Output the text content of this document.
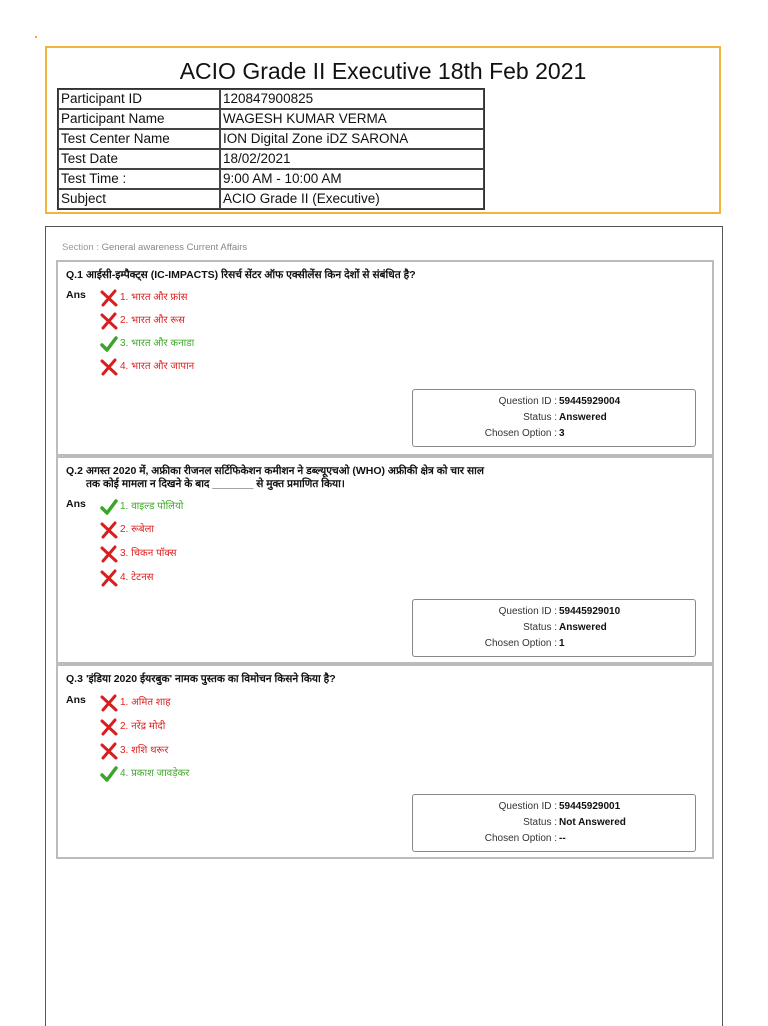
ACIO Grade II Executive 18th Feb 2021
Participant ID	120847900825
Participant Name	WAGESH KUMAR VERMA
Test Center Name	ION Digital Zone iDZ SARONA
Test Date	18/02/2021
Test Time :	9:00 AM - 10:00 AM
Subject	ACIO Grade II (Executive)
Section : General awareness Current Affairs
Q.1 आईसी-इम्पैक्ट्स (IC-IMPACTS) रिसर्च सेंटर ऑफ एक्सीलेंस किन देशों से संबंधित है?
Ans	1. भारत और फ्रांस
2. भारत और रूस
3. भारत और कनाडा
4. भारत और जापान
Question ID : 59445929004
Status : Answered
Chosen Option : 3
Q.2 अगस्त 2020 में, अफ्रीका रीजनल सर्टिफिकेशन कमीशन ने डब्ल्यूएचओ (WHO) अफ्रीकी क्षेत्र को चार साल
तक कोई मामला न दिखने के बाद _______ से मुक्त प्रमाणित किया।
Ans	1. वाइल्ड पोलियो
2. रूबेला
3. चिकन पॉक्स
4. टेटनस
Question ID : 59445929010
Status : Answered
Chosen Option : 1
Q.3 'इंडिया 2020 ईयरबुक' नामक पुस्तक का विमोचन किसने किया है?
Ans	1. अमित शाह
2. नरेंद्र मोदी
3. शशि थरूर
4. प्रकाश जावड़ेकर
Question ID : 59445929001
Status : Not Answered
Chosen Option : --
